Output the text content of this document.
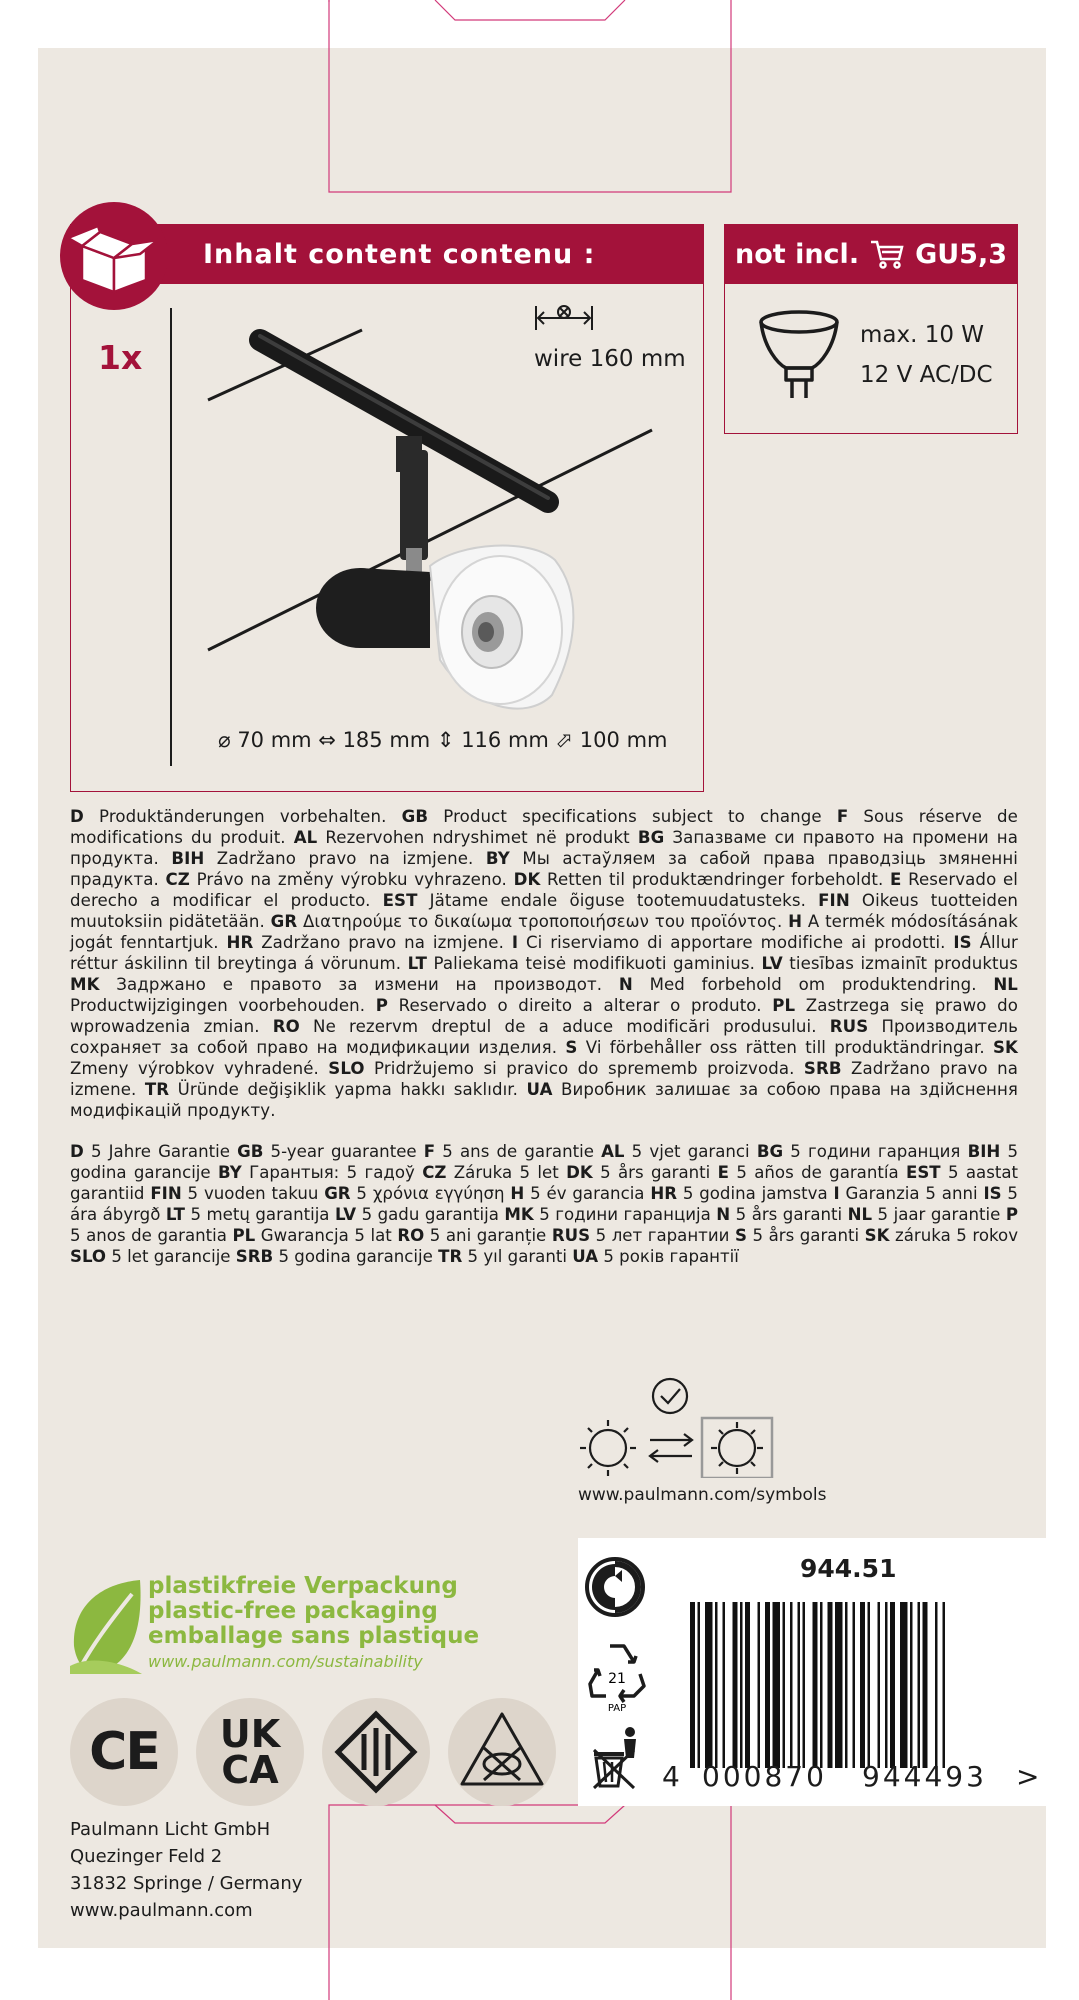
Inhalt content contenu :
1x	wire 160 mm
⌀ 70 mm ⇔ 185 mm ⇕ 116 mm ⬀ 100 mm
not incl. GU5,3
max. 10 W
12 V AC/DC
D Produktänderungen vorbehalten. GB Product specifications subject to change F Sous réserve de modifications du produit. AL Rezervohen ndryshimet në produkt BG Запазваме си правото на промени на продукта. BIH Zadržano pravo na izmjene. BY Мы астаўляем за сабой права праводзіць змяненні прадукта. CZ Právo na změny výrobku vyhrazeno. DK Retten til produktændringer forbeholdt. E Reservado el derecho a modificar el producto. EST Jätame endale õiguse tootemuudatusteks. FIN Oikeus tuotteiden muutoksiin pidätetään. GR Διατηρούμε το δικαίωμα τροποποιήσεων του προϊόντος. H A termék módosításának jogát fenntartjuk. HR Zadržano pravo na izmjene. I Ci riserviamo di apportare modifiche ai prodotti. IS Állur réttur áskilinn til breytinga á vörunum. LT Paliekama teisė modifikuoti gaminius. LV tiesības izmainīt produktus MK Задржано е правото за измени на производот. N Med forbehold om produktendring. NL Productwijzigingen voorbehouden. P Reservado o direito a alterar o produto. PL Zastrzega się prawo do wprowadzenia zmian. RO Ne rezervm dreptul de a aduce modificări produsului. RUS Производитель сохраняет за собой право на модификации изделия. S Vi förbehåller oss rätten till produktändringar. SK Zmeny výrobkov vyhradené. SLO Pridržujemo si pravico do sprememb proizvoda. SRB Zadržano pravo na izmene. TR Üründe değişiklik yapma hakkı saklıdır. UA Виробник залишає за собою права на здійснення модифікацій продукту.
D 5 Jahre Garantie GB 5-year guarantee F 5 ans de garantie AL 5 vjet garanci BG 5 години гаранция BIH 5 godina garancije BY Гарантыя: 5 гадоў CZ Záruka 5 let DK 5 års garanti E 5 años de garantía EST 5 aastat garantiid FIN 5 vuoden takuu GR 5 χρόνια εγγύηση H 5 év garancia HR 5 godina jamstva I Garanzia 5 anni IS 5 ára ábyrgð LT 5 metų garantija LV 5 gadu garantija MK 5 години гаранција N 5 års garanti NL 5 jaar garantie P 5 anos de garantia PL Gwarancja 5 lat RO 5 ani garanție RUS 5 лет гарантии S 5 års garanti SK záruka 5 rokov SLO 5 let garancije SRB 5 godina garancije TR 5 yıl garanti UA 5 років гарантії
www.paulmann.com/symbols
plastikfreie Verpackung
plastic-free packaging
emballage sans plastique
www.paulmann.com/sustainability
CE UK
CA
Paulmann Licht GmbH
Quezinger Feld 2
31832 Springe / Germany
www.paulmann.com
21
PAP
944.51
4 000870 944493 >
